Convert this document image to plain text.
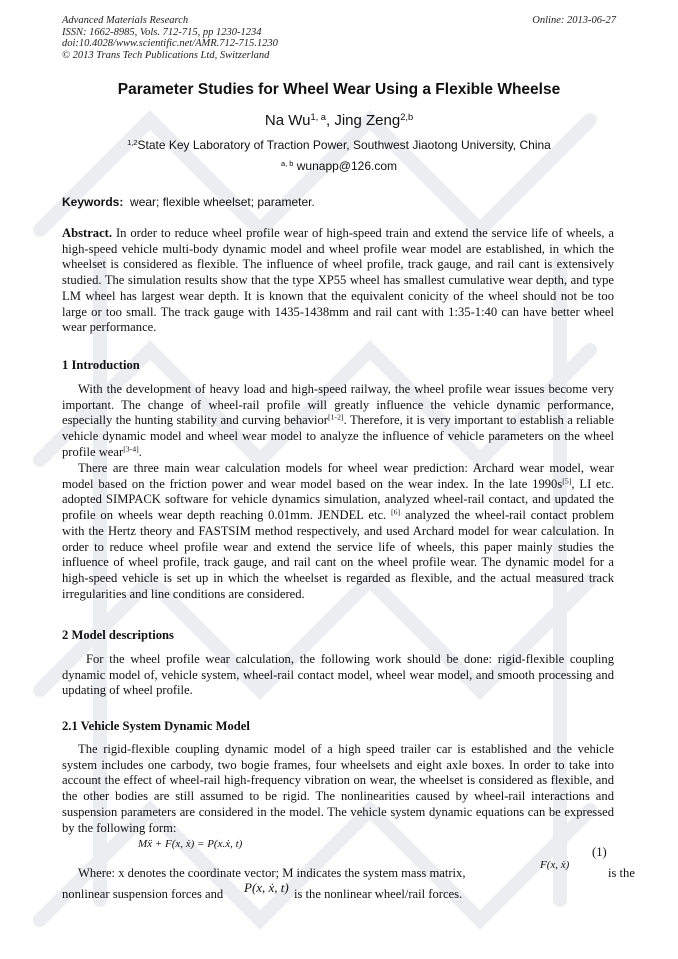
Advanced Materials Research
ISSN: 1662-8985, Vols. 712-715, pp 1230-1234
doi:10.4028/www.scientific.net/AMR.712-715.1230
© 2013 Trans Tech Publications Ltd, Switzerland
Online: 2013-06-27
Parameter Studies for Wheel Wear Using a Flexible Wheelse
Na Wu$^{1, a}$, Jing Zeng$^{2,b}$
$^{1,2}$State Key Laboratory of Traction Power, Southwest Jiaotong University, China
$^{a, b}$ wunapp@126.com
Keywords: wear; flexible wheelset; parameter.

Abstract. In order to reduce wheel profile wear of high-speed train and extend the service life of wheels, a high-speed vehicle multi-body dynamic model and wheel profile wear model are established, in which the wheelset is considered as flexible. The influence of wheel profile, track gauge, and rail cant is extensively studied. The simulation results show that the type XP55 wheel has smallest cumulative wear depth, and type LM wheel has largest wear depth. It is known that the equivalent conicity of the wheel should not be too large or too small. The track gauge with 1435-1438mm and rail cant with 1:35-1:40 can have better wheel wear performance.

1 Introduction

With the development of heavy load and high-speed railway, the wheel profile wear issues become very important. The change of wheel-rail profile will greatly influence the vehicle dynamic performance, especially the hunting stability and curving behavior[1-2]. Therefore, it is very important to establish a reliable vehicle dynamic model and wheel wear model to analyze the influence of vehicle parameters on the wheel profile wear[3-4].

There are three main wear calculation models for wheel wear prediction: Archard wear model, wear model based on the friction power and wear model based on the wear index. In the late 1990s[5], LI etc. adopted SIMPACK software for vehicle dynamics simulation, analyzed wheel-rail contact, and updated the profile on wheels wear depth reaching 0.01mm. JENDEL etc. [6] analyzed the wheel-rail contact problem with the Hertz theory and FASTSIM method respectively, and used Archard model for wear calculation. In order to reduce wheel profile wear and extend the service life of wheels, this paper mainly studies the influence of wheel profile, track gauge, and rail cant on the wheel profile wear. The dynamic model for a high-speed vehicle is set up in which the wheelset is regarded as flexible, and the actual measured track irregularities and line conditions are considered.

2 Model descriptions

For the wheel profile wear calculation, the following work should be done: rigid-flexible coupling dynamic model of, vehicle system, wheel-rail contact model, wheel wear model, and smooth processing and updating of wheel profile.

2.1 Vehicle System Dynamic Model

The rigid-flexible coupling dynamic model of a high speed trailer car is established and the vehicle system includes one carbody, two bogie frames, four wheelsets and eight axle boxes. In order to take into account the effect of wheel-rail high-frequency vibration on wear, the wheelset is considered as flexible, and the other bodies are still assumed to be rigid. The nonlinearities caused by wheel-rail interactions and suspension parameters are considered in the model. The vehicle system dynamic equations can be expressed by the following form:

Mẍ + F(x, ẋ) = P(x.ẋ, t)
(1)
Where: x denotes the coordinate vector; M indicates the system mass matrix,
F(x, ẋ)
is the
nonlinear suspension forces and P(x, ẋ, t) is the nonlinear wheel/rail forces.
